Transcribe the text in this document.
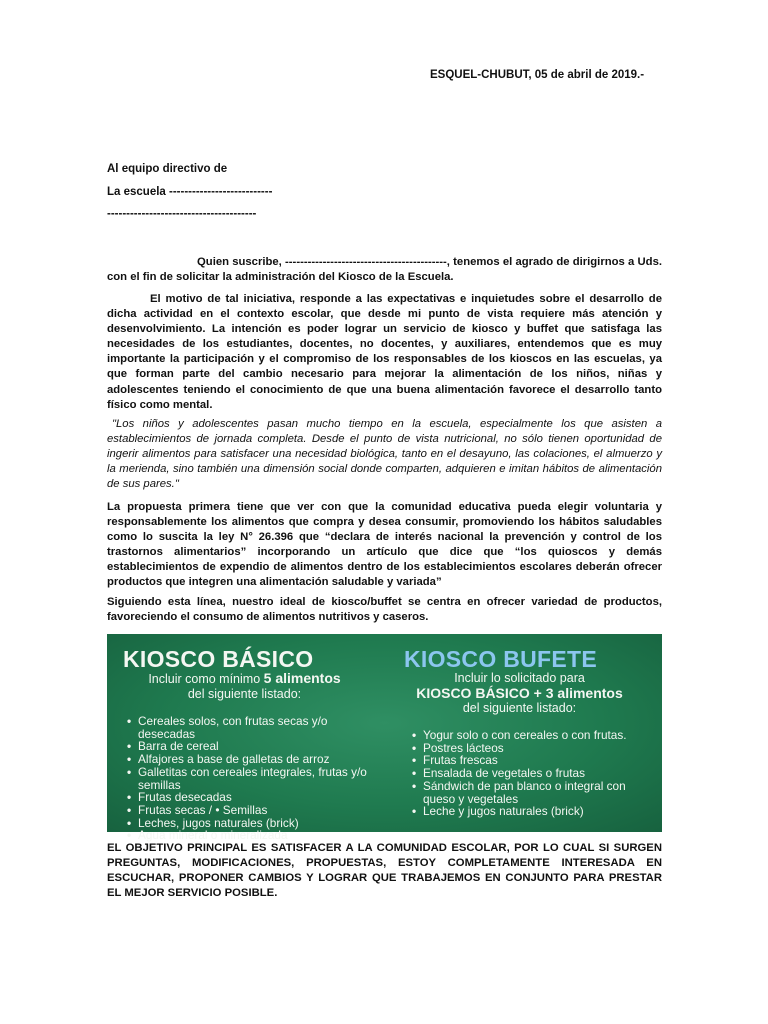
ESQUEL-CHUBUT, 05 de abril de 2019.-
Al equipo directivo de
La escuela ---------------------------
---------------------------------------

Quien suscribe, -------------------------------------------, tenemos el agrado de dirigirnos a Uds. con el fin de solicitar la administración del Kiosco de la Escuela.

El motivo de tal iniciativa, responde a las expectativas e inquietudes sobre el desarrollo de dicha actividad en el contexto escolar, que desde mi punto de vista requiere más atención y desenvolvimiento. La intención es poder lograr un servicio de kiosco y buffet que satisfaga las necesidades de los estudiantes, docentes, no docentes, y auxiliares, entendemos que es muy importante la participación y el compromiso de los responsables de los kioscos en las escuelas, ya que forman parte del cambio necesario para mejorar la alimentación de los niños, niñas y adolescentes teniendo el conocimiento de que una buena alimentación favorece el desarrollo tanto físico como mental.

"Los niños y adolescentes pasan mucho tiempo en la escuela, especialmente los que asisten a establecimientos de jornada completa. Desde el punto de vista nutricional, no sólo tienen oportunidad de ingerir alimentos para satisfacer una necesidad biológica, tanto en el desayuno, las colaciones, el almuerzo y la merienda, sino también una dimensión social donde comparten, adquieren e imitan hábitos de alimentación de sus pares."

La propuesta primera tiene que ver con que la comunidad educativa pueda elegir voluntaria y responsablemente los alimentos que compra y desea consumir, promoviendo los hábitos saludables como lo suscita la ley N° 26.396 que “declara de interés nacional la prevención y control de los trastornos alimentarios” incorporando un artículo que dice que “los quioscos y demás establecimientos de expendio de alimentos dentro de los establecimientos escolares deberán ofrecer productos que integren una alimentación saludable y variada”

Siguiendo esta línea, nuestro ideal de kiosco/buffet se centra en ofrecer variedad de productos, favoreciendo el consumo de alimentos nutritivos y caseros.

KIOSCO BÁSICO
Incluir como mínimo 5 alimentos
del siguiente listado:
• Cereales solos, con frutas secas y/o desecadas
• Barra de cereal
• Alfajores a base de galletas de arroz
• Galletitas con cereales integrales, frutas y/o semillas
• Frutas desecadas
• Frutas secas / • Semillas
• Leches, jugos naturales (brick)
• Agua mineral o mineralizada
KIOSCO BUFETE
Incluir lo solicitado para
KIOSCO BÁSICO + 3 alimentos
del siguiente listado:
• Yogur solo o con cereales o con frutas.
• Postres lácteos
• Frutas frescas
• Ensalada de vegetales o frutas
• Sándwich de pan blanco o integral con queso y vegetales
• Leche y jugos naturales (brick)

EL OBJETIVO PRINCIPAL ES SATISFACER A LA COMUNIDAD ESCOLAR, POR LO CUAL SI SURGEN PREGUNTAS, MODIFICACIONES, PROPUESTAS, ESTOY COMPLETAMENTE INTERESADA EN ESCUCHAR, PROPONER CAMBIOS Y LOGRAR QUE TRABAJEMOS EN CONJUNTO PARA PRESTAR EL MEJOR SERVICIO POSIBLE.
